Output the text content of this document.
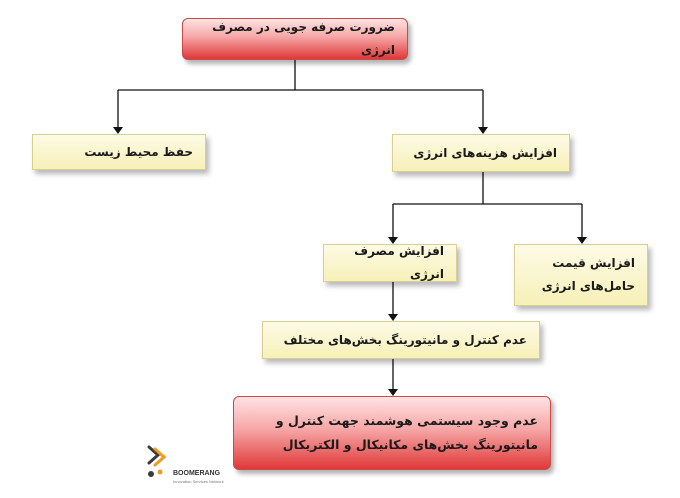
ضرورت صرفه جویی در مصرف انرژی
حفظ محیط زیست	افزایش هزینه‌های انرژی
افزایش مصرف انرژی
افزایش قیمت
حامل‌های انرژی
عدم کنترل و مانیتورینگ بخش‌های مختلف
عدم وجود سیستمی هوشمند جهت کنترل و
مانیتورینگ بخش‌های مکانیکال و الکتریکال
BOOMERANG
Innovation Services Network
